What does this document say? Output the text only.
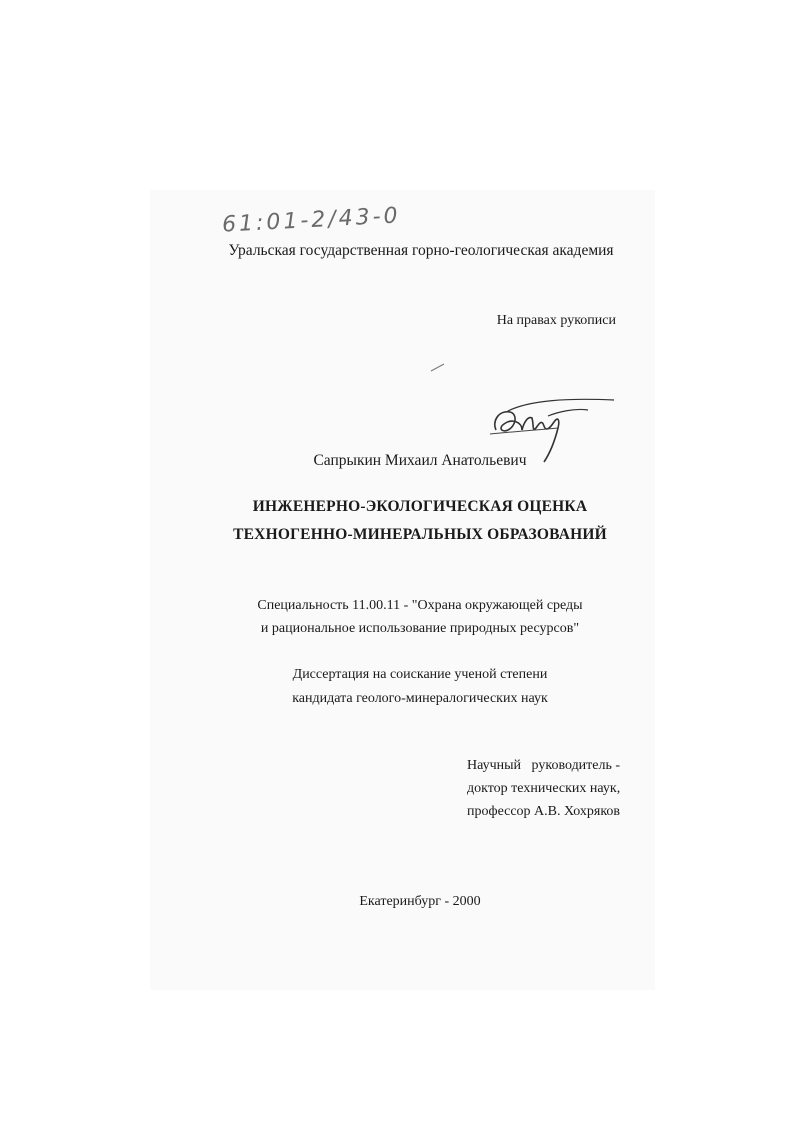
61:01-2/43-0
Уральская государственная горно-геологическая академия
На правах рукописи
Сапрыкин Михаил Анатольевич
ИНЖЕНЕРНО-ЭКОЛОГИЧЕСКАЯ ОЦЕНКА
ТЕХНОГЕННО-МИНЕРАЛЬНЫХ ОБРАЗОВАНИЙ
Специальность 11.00.11 - "Охрана окружающей среды
и рациональное использование природных ресурсов"
Диссертация на соискание ученой степени
кандидата геолого-минералогических наук
Научный   руководитель -
доктор технических наук,
профессор А.В. Хохряков
Екатеринбург - 2000
